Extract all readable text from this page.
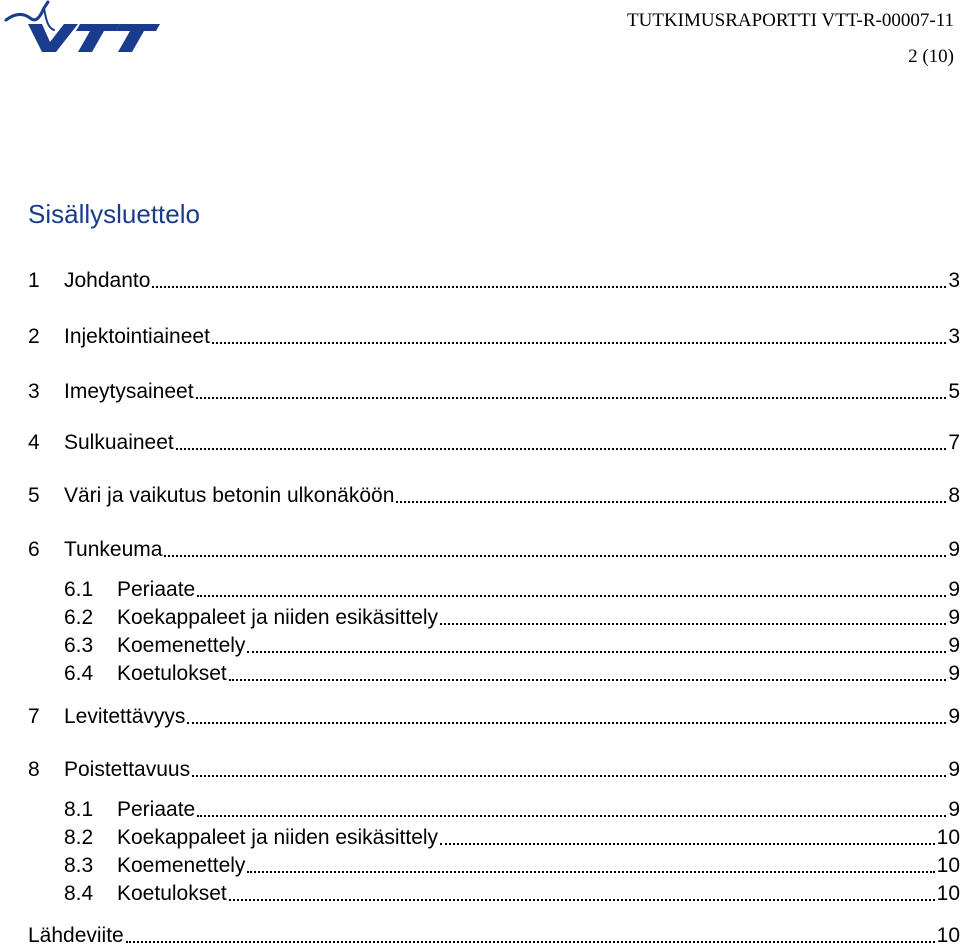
TUTKIMUSRAPORTTI VTT-R-00007-11
2 (10)
Sisällysluettelo
1 Johdanto	3
2 Injektointiaineet	3
3 Imeytysaineet	5
4 Sulkuaineet	7
5 Väri ja vaikutus betonin ulkonäköön	8
6 Tunkeuma	9
6.1 Periaate	9
6.2 Koekappaleet ja niiden esikäsittely	9
6.3 Koemenettely	9
6.4 Koetulokset	9
7 Levitettävyys	9
8 Poistettavuus	9
8.1 Periaate	9
8.2 Koekappaleet ja niiden esikäsittely	10
8.3 Koemenettely	10
8.4 Koetulokset	10
Lähdeviite	10
